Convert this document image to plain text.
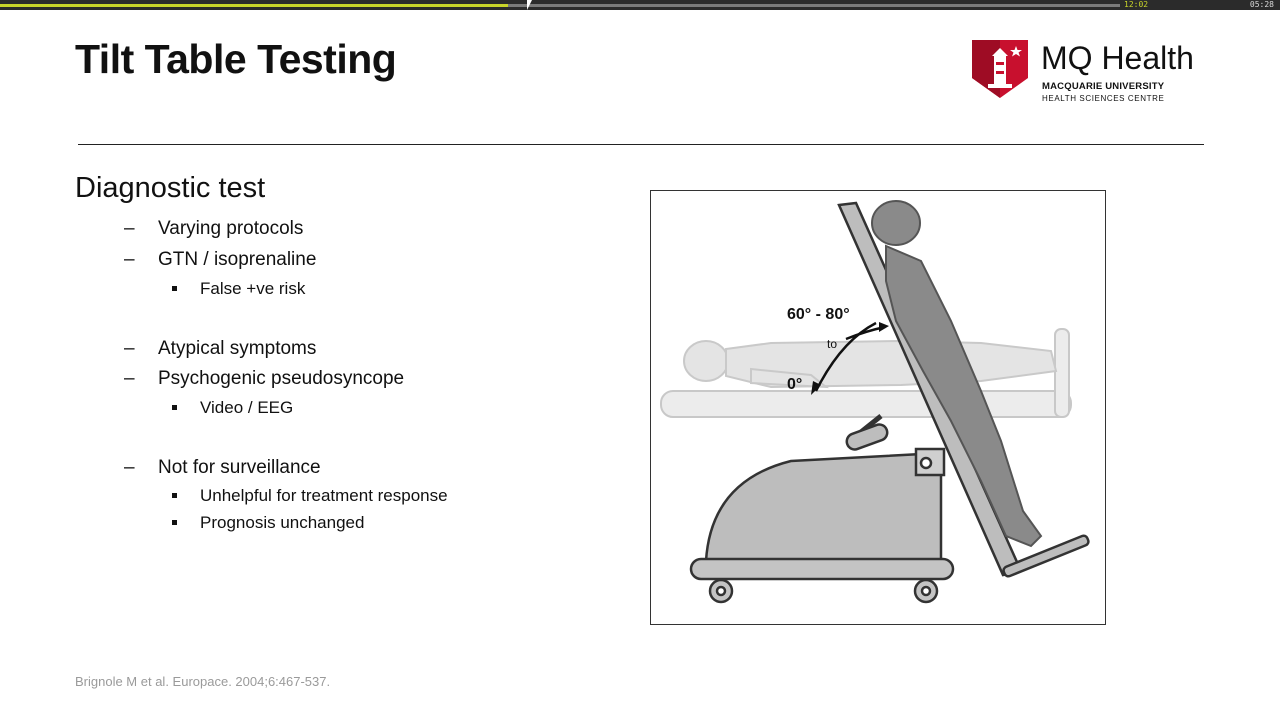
12:02	05:28
Tilt Table Testing	MQ Health
MACQUARIE UNIVERSITY
HEALTH SCIENCES CENTRE
Diagnostic test
– Varying protocols
– GTN / isoprenaline
False +ve risk
– Atypical symptoms
– Psychogenic pseudosyncope
Video / EEG
– Not for surveillance
Unhelpful for treatment response
Prognosis unchanged
60° - 80°
to
0°
Brignole M et al. Europace. 2004;6:467-537.
